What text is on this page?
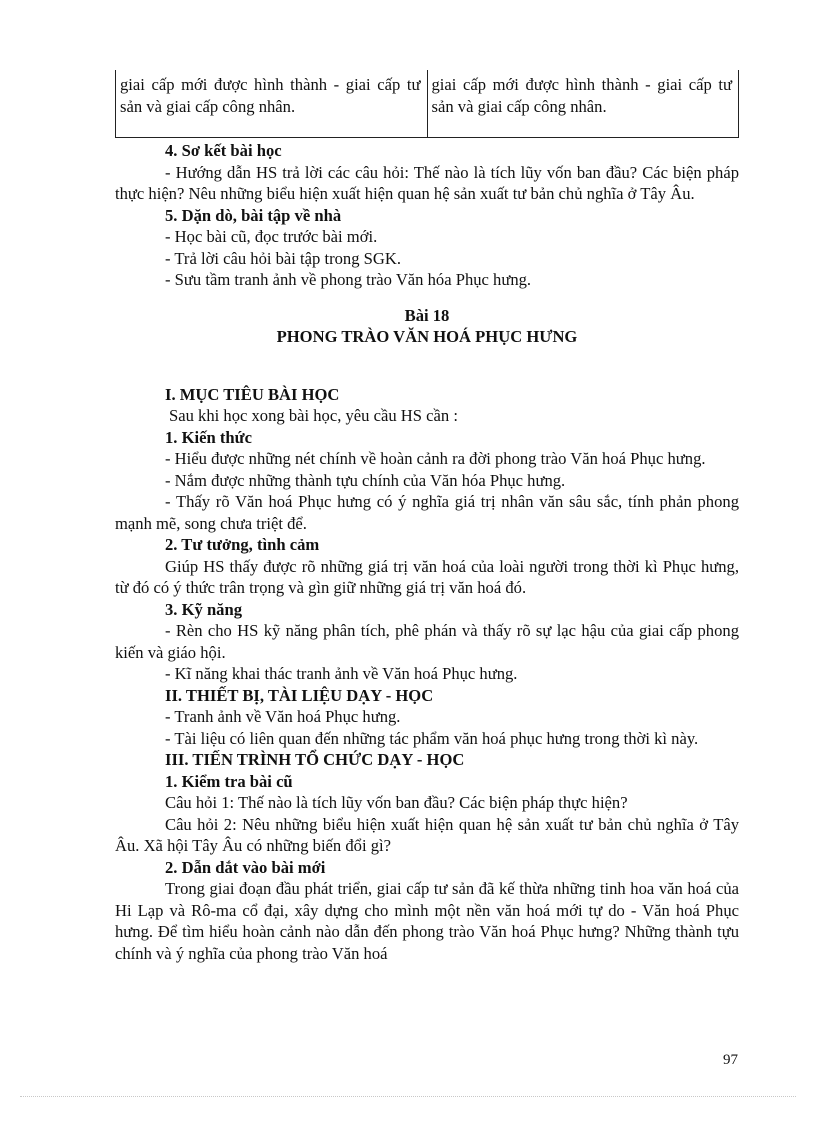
giai cấp mới được hình thành - giai cấp tư sản và giai cấp công nhân.	giai cấp mới được hình thành - giai cấp tư sản và giai cấp công nhân.

4. Sơ kết bài học

- Hướng dẫn HS trả lời các câu hỏi: Thế nào là tích lũy vốn ban đầu? Các biện pháp thực hiện? Nêu những biểu hiện xuất hiện quan hệ sản xuất tư bản chủ nghĩa ở Tây Âu.

5. Dặn dò, bài tập về nhà

- Học bài cũ, đọc trước bài mới.

- Trả lời câu hỏi bài tập trong SGK.

- Sưu tầm tranh ảnh về phong trào Văn hóa Phục hưng.

Bài 18

PHONG TRÀO VĂN HOÁ PHỤC HƯNG

I. MỤC TIÊU BÀI HỌC

Sau khi học xong bài học, yêu cầu HS cần :

1. Kiến thức

- Hiểu được những nét chính về hoàn cảnh ra đời phong trào Văn hoá Phục hưng.

- Nắm được những thành tựu chính của Văn hóa Phục hưng.

- Thấy rõ Văn hoá Phục hưng có ý nghĩa giá trị nhân văn sâu sắc, tính phản phong mạnh mẽ, song chưa triệt để.

2. Tư tưởng, tình cảm

Giúp HS thấy được rõ những giá trị văn hoá của loài người trong thời kì Phục hưng, từ đó có ý thức trân trọng và gìn giữ những giá trị văn hoá đó.

3. Kỹ năng

- Rèn cho HS kỹ năng phân tích, phê phán và thấy rõ sự lạc hậu của giai cấp phong kiến và giáo hội.

- Kĩ năng khai thác tranh ảnh về Văn hoá Phục hưng.

II. THIẾT BỊ, TÀI LIỆU DẠY - HỌC

- Tranh ảnh về Văn hoá Phục hưng.

- Tài liệu có liên quan đến những tác phẩm văn hoá phục hưng trong thời kì này.

III. TIẾN TRÌNH TỔ CHỨC DẠY - HỌC

1. Kiểm tra bài cũ

Câu hỏi 1: Thế nào là tích lũy vốn ban đầu? Các biện pháp thực hiện?

Câu hỏi 2: Nêu những biểu hiện xuất hiện quan hệ sản xuất tư bản chủ nghĩa ở Tây Âu. Xã hội Tây Âu có những biến đổi gì?

2. Dẫn dắt vào bài mới

Trong giai đoạn đầu phát triển, giai cấp tư sản đã kế thừa những tinh hoa văn hoá của Hi Lạp và Rô-ma cổ đại, xây dựng cho mình một nền văn hoá mới tự do - Văn hoá Phục hưng. Để tìm hiểu hoàn cảnh nào dẫn đến phong trào Văn hoá Phục hưng? Những thành tựu chính và ý nghĩa của phong trào Văn hoá

97
